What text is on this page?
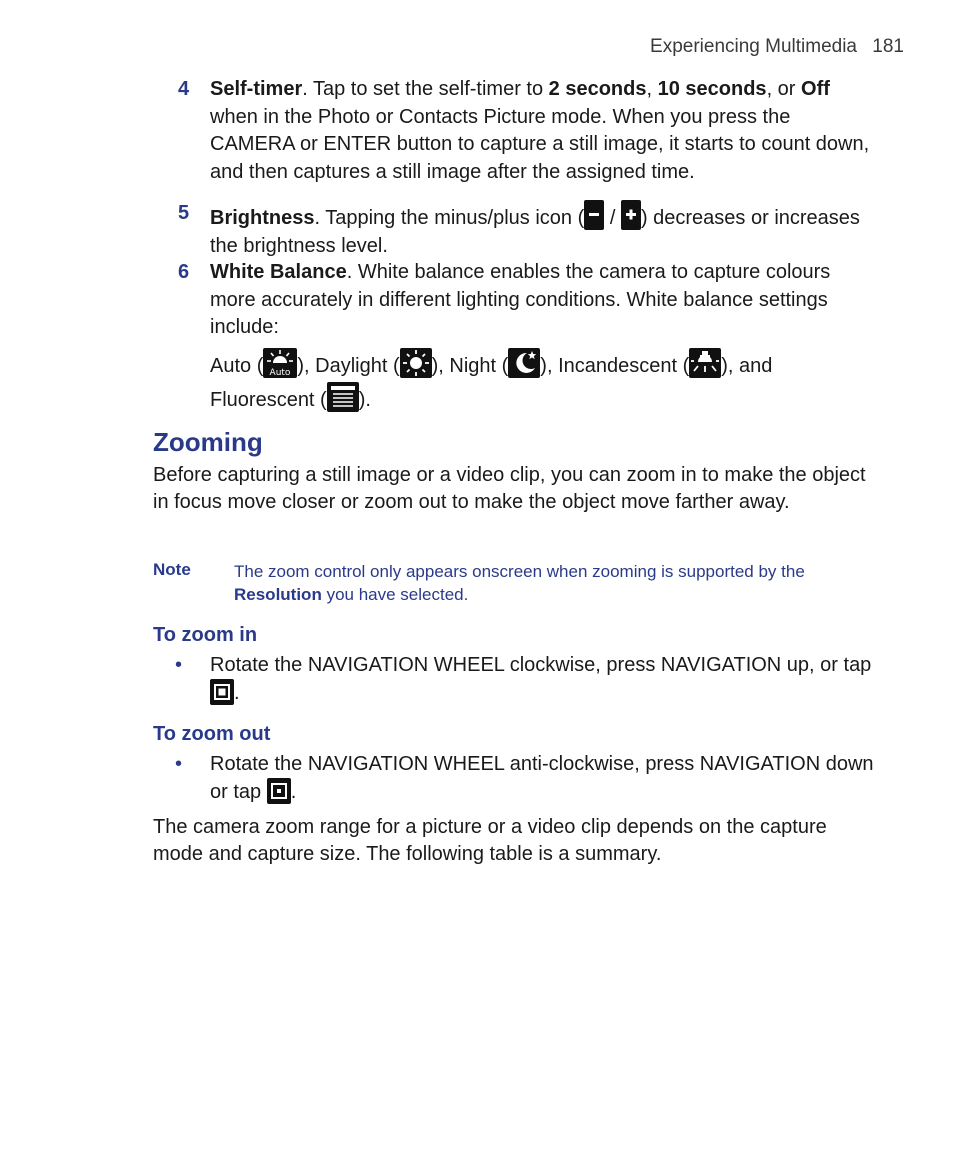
Experiencing Multimedia 181
4	Self-timer. Tap to set the self-timer to 2 seconds, 10 seconds, or Off when in the Photo or Contacts Picture mode. When you press the CAMERA or ENTER button to capture a still image, it starts to count down, and then captures a still image after the assigned time.
5	Brightness. Tapping the minus/plus icon (
/
) decreases or increases the brightness level.
6	White Balance. White balance enables the camera to capture colours more accurately in different lighting conditions. White balance settings include:
Auto ( Auto ), Daylight ( ), Night ( ), Incandescent ( ), and Fluorescent ( ).
Zooming
Before capturing a still image or a video clip, you can zoom in to make the object in focus move closer or zoom out to make the object move farther away.
Note	The zoom control only appears onscreen when zooming is supported by the Resolution you have selected.
To zoom in
• Rotate the NAVIGATION WHEEL clockwise, press NAVIGATION up, or tap
.
To zoom out
• Rotate the NAVIGATION WHEEL anti-clockwise, press NAVIGATION down or tap
.
The camera zoom range for a picture or a video clip depends on the capture mode and capture size. The following table is a summary.
